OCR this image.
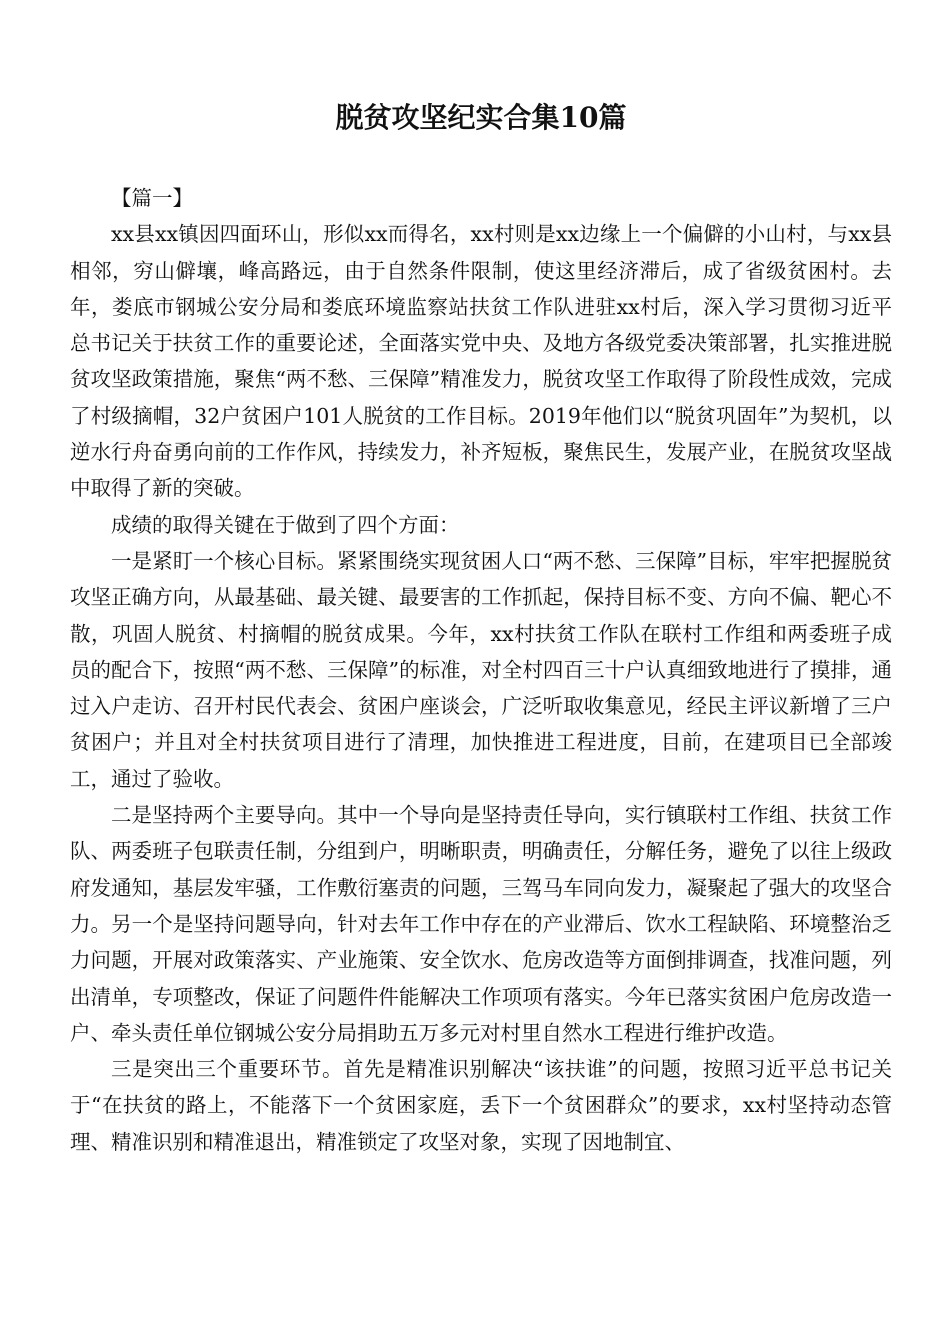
脱贫攻坚纪实合集10篇

【篇一】

xx县xx镇因四面环山，形似xx而得名，xx村则是xx边缘上一个偏僻的小山村，与xx县相邻，穷山僻壤，峰高路远，由于自然条件限制，使这里经济滞后，成了省级贫困村。去年，娄底市钢城公安分局和娄底环境监察站扶贫工作队进驻xx村后，深入学习贯彻习近平总书记关于扶贫工作的重要论述，全面落实党中央、及地方各级党委决策部署，扎实推进脱贫攻坚政策措施，聚焦“两不愁、三保障”精准发力，脱贫攻坚工作取得了阶段性成效，完成了村级摘帽，32户贫困户101人脱贫的工作目标。2019年他们以“脱贫巩固年”为契机，以逆水行舟奋勇向前的工作作风，持续发力，补齐短板，聚焦民生，发展产业，在脱贫攻坚战中取得了新的突破。

成绩的取得关键在于做到了四个方面：

一是紧盯一个核心目标。紧紧围绕实现贫困人口“两不愁、三保障”目标，牢牢把握脱贫攻坚正确方向，从最基础、最关键、最要害的工作抓起，保持目标不变、方向不偏、靶心不散，巩固人脱贫、村摘帽的脱贫成果。今年，xx村扶贫工作队在联村工作组和两委班子成员的配合下，按照“两不愁、三保障”的标准，对全村四百三十户认真细致地进行了摸排，通过入户走访、召开村民代表会、贫困户座谈会，广泛听取收集意见，经民主评议新增了三户贫困户；并且对全村扶贫项目进行了清理，加快推进工程进度，目前，在建项目已全部竣工，通过了验收。

二是坚持两个主要导向。其中一个导向是坚持责任导向，实行镇联村工作组、扶贫工作队、两委班子包联责任制，分组到户，明晰职责，明确责任，分解任务，避免了以往上级政府发通知，基层发牢骚，工作敷衍塞责的问题，三驾马车同向发力，凝聚起了强大的攻坚合力。另一个是坚持问题导向，针对去年工作中存在的产业滞后、饮水工程缺陷、环境整治乏力问题，开展对政策落实、产业施策、安全饮水、危房改造等方面倒排调查，找准问题，列出清单，专项整改，保证了问题件件能解决工作项项有落实。今年已落实贫困户危房改造一户、牵头责任单位钢城公安分局捐助五万多元对村里自然水工程进行维护改造。

三是突出三个重要环节。首先是精准识别解决“该扶谁”的问题，按照习近平总书记关于“在扶贫的路上，不能落下一个贫困家庭，丢下一个贫困群众”的要求，xx村坚持动态管理、精准识别和精准退出，精准锁定了攻坚对象，实现了因地制宜、
